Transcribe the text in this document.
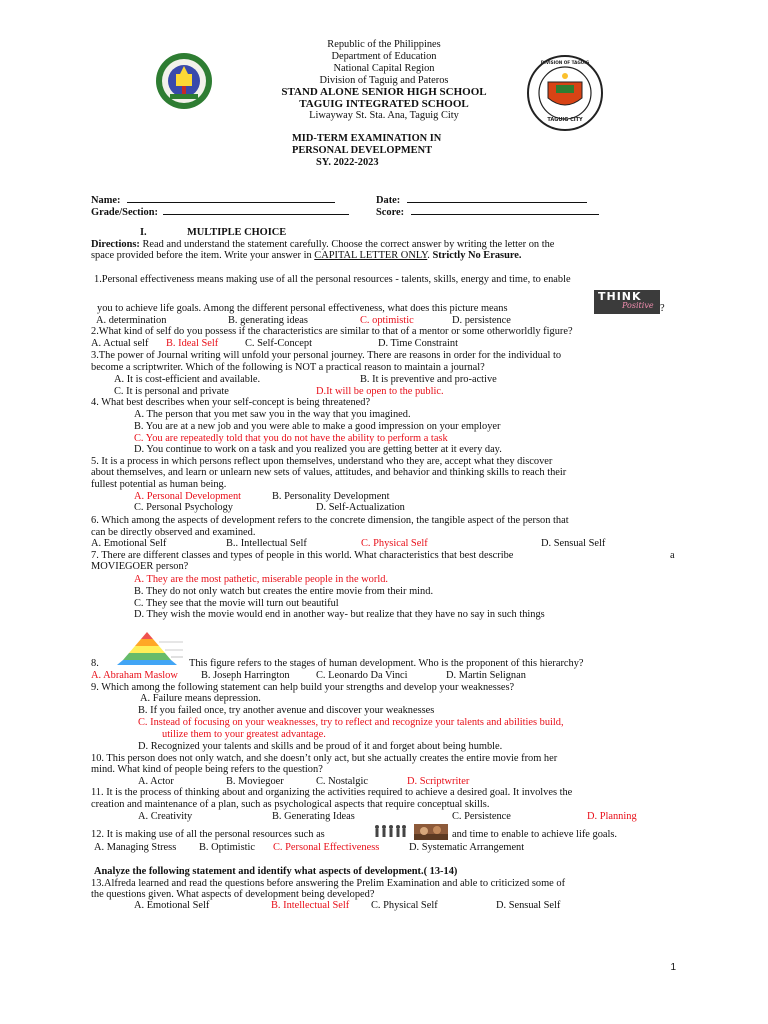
TAGUIG CITY
DIVISION OF TAGUIG
Republic of the Philippines
Department of Education
National Capital Region
Division of Taguig and Pateros
STAND ALONE SENIOR HIGH SCHOOL
TAGUIG INTEGRATED SCHOOL
Liwayway St. Sta. Ana, Taguig City
MID-TERM EXAMINATION IN
PERSONAL DEVELOPMENT
SY. 2022-2023
Name:	Date:
Grade/Section:	Score:
I.	MULTIPLE CHOICE
Directions: Read and understand the statement carefully. Choose the correct answer by writing the letter on the
space provided before the item. Write your answer in CAPITAL LETTER ONLY. Strictly No Erasure.
1.Personal effectiveness means making use of all the personal resources - talents, skills, energy and time, to enable
you to achieve life goals. Among the different personal effectiveness, what does this picture means
THINK
Positive ?
A. determination	B. generating ideas	C. optimistic	D. persistence
2.What kind of self do you possess if the characteristics are similar to that of a mentor or some otherworldly figure?
A. Actual self B. Ideal Self	C. Self-Concept	D. Time Constraint
3.The power of Journal writing will unfold your personal journey. There are reasons in order for the individual to
become a scriptwriter. Which of the following is NOT a practical reason to maintain a journal?
A. It is cost-efficient and available.	B. It is preventive and pro-active
C. It is personal and private	D.It will be open to the public.
4. What best describes when your self-concept is being threatened?
A. The person that you met saw you in the way that you imagined.
B. You are at a new job and you were able to make a good impression on your employer
C. You are repeatedly told that you do not have the ability to perform a task
D. You continue to work on a task and you realized you are getting better at it every day.
5. It is a process in which persons reflect upon themselves, understand who they are, accept what they discover
about themselves, and learn or unlearn new sets of values, attitudes, and behavior and thinking skills to reach their
fullest potential as human being.
A. Personal Development	B. Personality Development
C. Personal Psychology	D. Self-Actualization
6. Which among the aspects of development refers to the concrete dimension, the tangible aspect of the person that
can be directly observed and examined.
A. Emotional Self	B.. Intellectual Self	C. Physical Self	D. Sensual Self
7. There are different classes and types of people in this world. What characteristics that best describe	a
MOVIEGOER person?
A. They are the most pathetic, miserable people in the world.
B. They do not only watch but creates the entire movie from their mind.
C. They see that the movie will turn out beautiful
D. They wish the movie would end in another way- but realize that they have no say in such things
8.	This figure refers to the stages of human development. Who is the proponent of this hierarchy?
A. Abraham Maslow B. Joseph Harrington	C. Leonardo Da Vinci	D. Martin Selignan
9. Which among the following statement can help build your strengths and develop your weaknesses?
A. Failure means depression.
B. If you failed once, try another avenue and discover your weaknesses
C. Instead of focusing on your weaknesses, try to reflect and recognize your talents and abilities build,
utilize them to your greatest advantage.
D. Recognized your talents and skills and be proud of it and forget about being humble.
10. This person does not only watch, and she doesn’t only act, but she actually creates the entire movie from her
mind. What kind of people being refers to the question?
A. Actor	B. Moviegoer	C. Nostalgic	D. Scriptwriter
11. It is the process of thinking about and organizing the activities required to achieve a desired goal. It involves the
creation and maintenance of a plan, such as psychological aspects that require conceptual skills.
A. Creativity	B. Generating Ideas	C. Persistence	D. Planning
12. It is making use of all the personal resources such as	and time to enable to achieve life goals.
A. Managing Stress B. Optimistic C. Personal Effectiveness	D. Systematic Arrangement
Analyze the following statement and identify what aspects of development.( 13-14)
13.Alfreda learned and read the questions before answering the Prelim Examination and able to criticized some of
the questions given. What aspects of development being developed?
A. Emotional Self	B. Intellectual Self C. Physical Self	D. Sensual Self
1
